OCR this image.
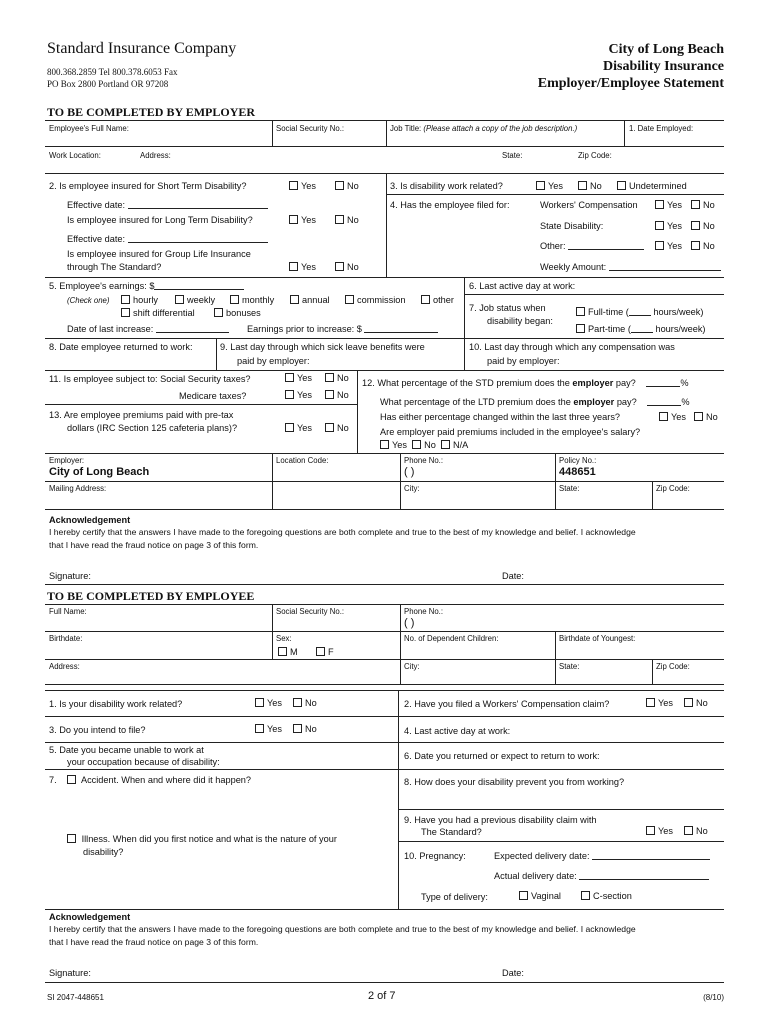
Standard Insurance Company
800.368.2859 Tel 800.378.6053 Fax
PO Box 2800 Portland OR 97208
City of Long Beach
Disability Insurance
Employer/Employee Statement
TO BE COMPLETED BY EMPLOYER
Employee's Full Name:	Social Security No.:	Job Title: (Please attach a copy of the job description.)	1. Date Employed:
Work Location:	Address:	State:	Zip Code:
2. Is employee insured for Short Term Disability?	Yes	No
Effective date:
Is employee insured for Long Term Disability?	Yes	No
Effective date:
Is employee insured for Group Life Insurance
through The Standard?	Yes	No
3. Is disability work related?	Yes	No	Undetermined
4. Has the employee filed for:	Workers' Compensation	Yes	No
State Disability:	Yes	No
Other:	Yes	No
Weekly Amount:
5. Employee's earnings: $
(Check one)	hourly	weekly	monthly	annual	commission	other
shift differential	bonuses
Date of last increase:	Earnings prior to increase: $
6. Last active day at work:
7. Job status when
disability began:
Full-time (	hours/week)
Part-time (	hours/week)
8. Date employee returned to work:	9. Last day through which sick leave benefits were
paid by employer:
10. Last day through which any compensation was
paid by employer:
11. Is employee subject to: Social Security taxes?	Yes	No
Medicare taxes?	Yes	No
13. Are employee premiums paid with pre-tax
dollars (IRC Section 125 cafeteria plans)?	Yes	No
12. What percentage of the STD premium does the employer pay?	%
What percentage of the LTD premium does the employer pay?	%
Has either percentage changed within the last three years?	Yes	No
Are employer paid premiums included in the employee's salary?
Yes No N/A
Employer:
City of Long Beach
Location Code:	Phone No.:
( )
Policy No.:
448651
Mailing Address:	City:	State:	Zip Code:
Acknowledgement
I hereby certify that the answers I have made to the foregoing questions are both complete and true to the best of my knowledge and belief. I acknowledge
that I have read the fraud notice on page 3 of this form.
Signature:	Date:
TO BE COMPLETED BY EMPLOYEE
Full Name:	Social Security No.:	Phone No.:
( )
Birthdate:	Sex:
M	F
No. of Dependent Children:	Birthdate of Youngest:
Address:	City:	State:	Zip Code:
1. Is your disability work related?	Yes	No	2. Have you filed a Workers' Compensation claim?	Yes	No
3. Do you intend to file?	Yes	No	4. Last active day at work:
5. Date you became unable to work at
your occupation because of disability:
6. Date you returned or expect to return to work:
7.	Accident. When and where did it happen?	8. How does your disability prevent you from working?
9. Have you had a previous disability claim with
The Standard?	Yes	No
Illness. When did you first notice and what is the nature of your
disability?	10. Pregnancy:	Expected delivery date:
Actual delivery date:
Type of delivery:	Vaginal	C-section
Acknowledgement
I hereby certify that the answers I have made to the foregoing questions are both complete and true to the best of my knowledge and belief. I acknowledge
that I have read the fraud notice on page 3 of this form.
Signature:	Date:
SI 2047-448651	2 of 7	(8/10)
